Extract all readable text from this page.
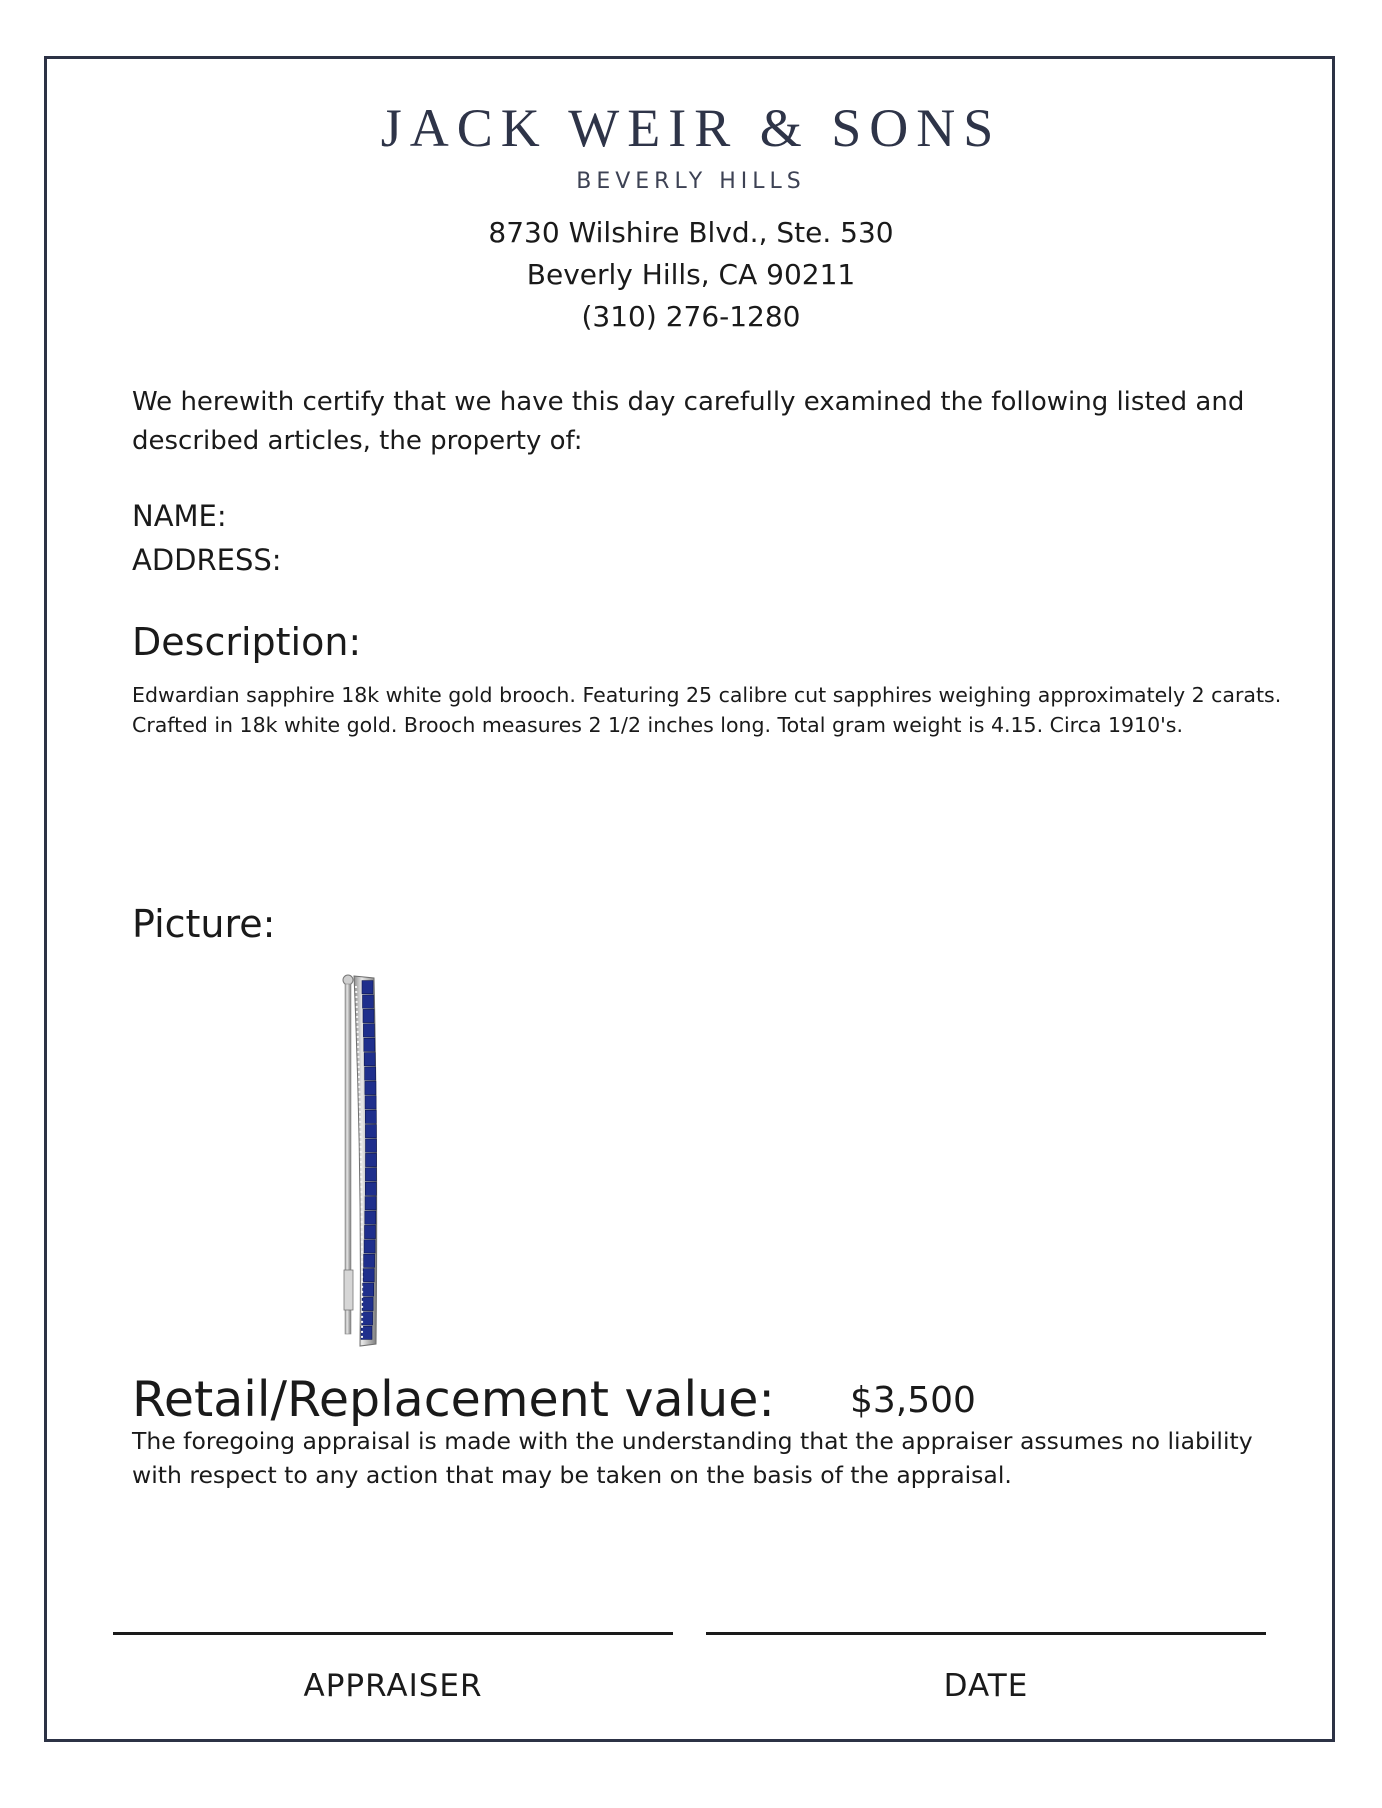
JACK WEIR & SONS
BEVERLY HILLS
8730 Wilshire Blvd., Ste. 530
Beverly Hills, CA 90211
(310) 276-1280
We herewith certify that we have this day carefully examined the following listed and described articles, the property of:
NAME:
ADDRESS:
Description:
Edwardian sapphire 18k white gold brooch. Featuring 25 calibre cut sapphires weighing approximately 2 carats. Crafted in 18k white gold. Brooch measures 2 1/2 inches long. Total gram weight is 4.15. Circa 1910's.
Picture:
Retail/Replacement value: $3,500
The foregoing appraisal is made with the understanding that the appraiser assumes no liability with respect to any action that may be taken on the basis of the appraisal.
APPRAISER	DATE
